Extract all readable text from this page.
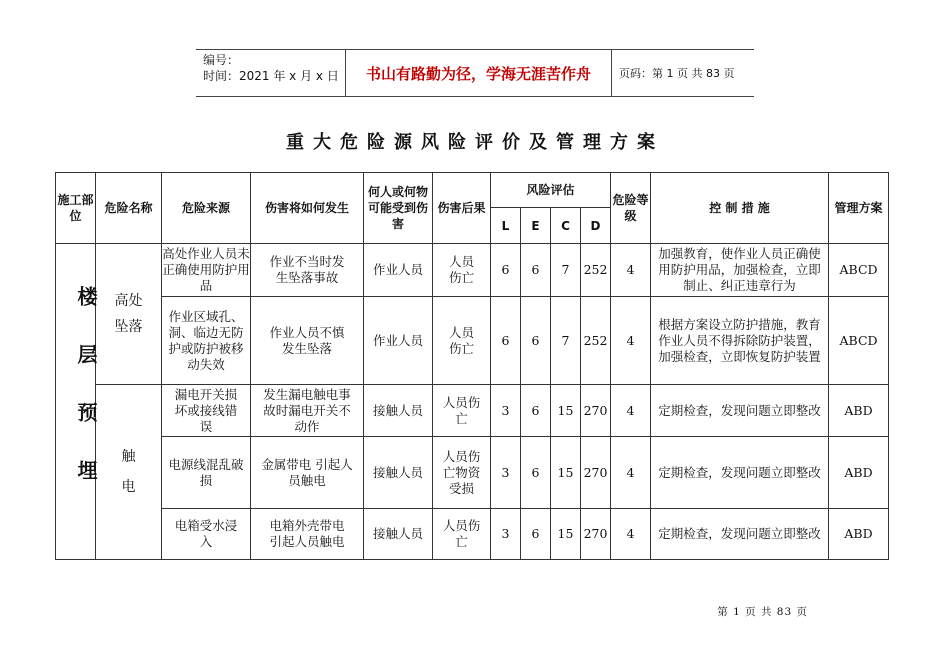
编号：
时间：2021 年 x 月 x 日	书山有路勤为径，学海无涯苦作舟	页码：第 1 页 共 83 页
重大危险源风险评价及管理方案
施工部位	危险名称	危险来源	伤害将如何发生	何人或何物可能受到伤害	伤害后果	风险评估				危险等级	控 制 措 施	管理方案
						L	E	C	D			

楼层预埋	高处坠落	高处作业人员未正确使用防护用品	作业不当时发生坠落事故	作业人员	人员伤亡	6	6	7	252	4	加强教育，使作业人员正确使用防护用品，加强检查，立即制止、纠正违章行为	ABCD
		作业区域孔、洞、临边无防护或防护被移动失效	作业人员不慎发生坠落	作业人员	人员伤亡	6	6	7	252	4	根据方案设立防护措施，教育作业人员不得拆除防护装置，加强检查，立即恢复防护装置	ABCD

	触电	漏电开关损坏或接线错误	发生漏电触电事故时漏电开关不动作	接触人员	人员伤亡	3	6	15	270	4	定期检查，发现问题立即整改	ABD
		电源线混乱破损	金属带电 引起人员触电	接触人员	人员伤亡物资受损	3	6	15	270	4	定期检查，发现问题立即整改	ABD
		电箱受水浸入	电箱外壳带电引起人员触电	接触人员	人员伤亡	3	6	15	270	4	定期检查，发现问题立即整改	ABD
第 1 页 共 83 页
